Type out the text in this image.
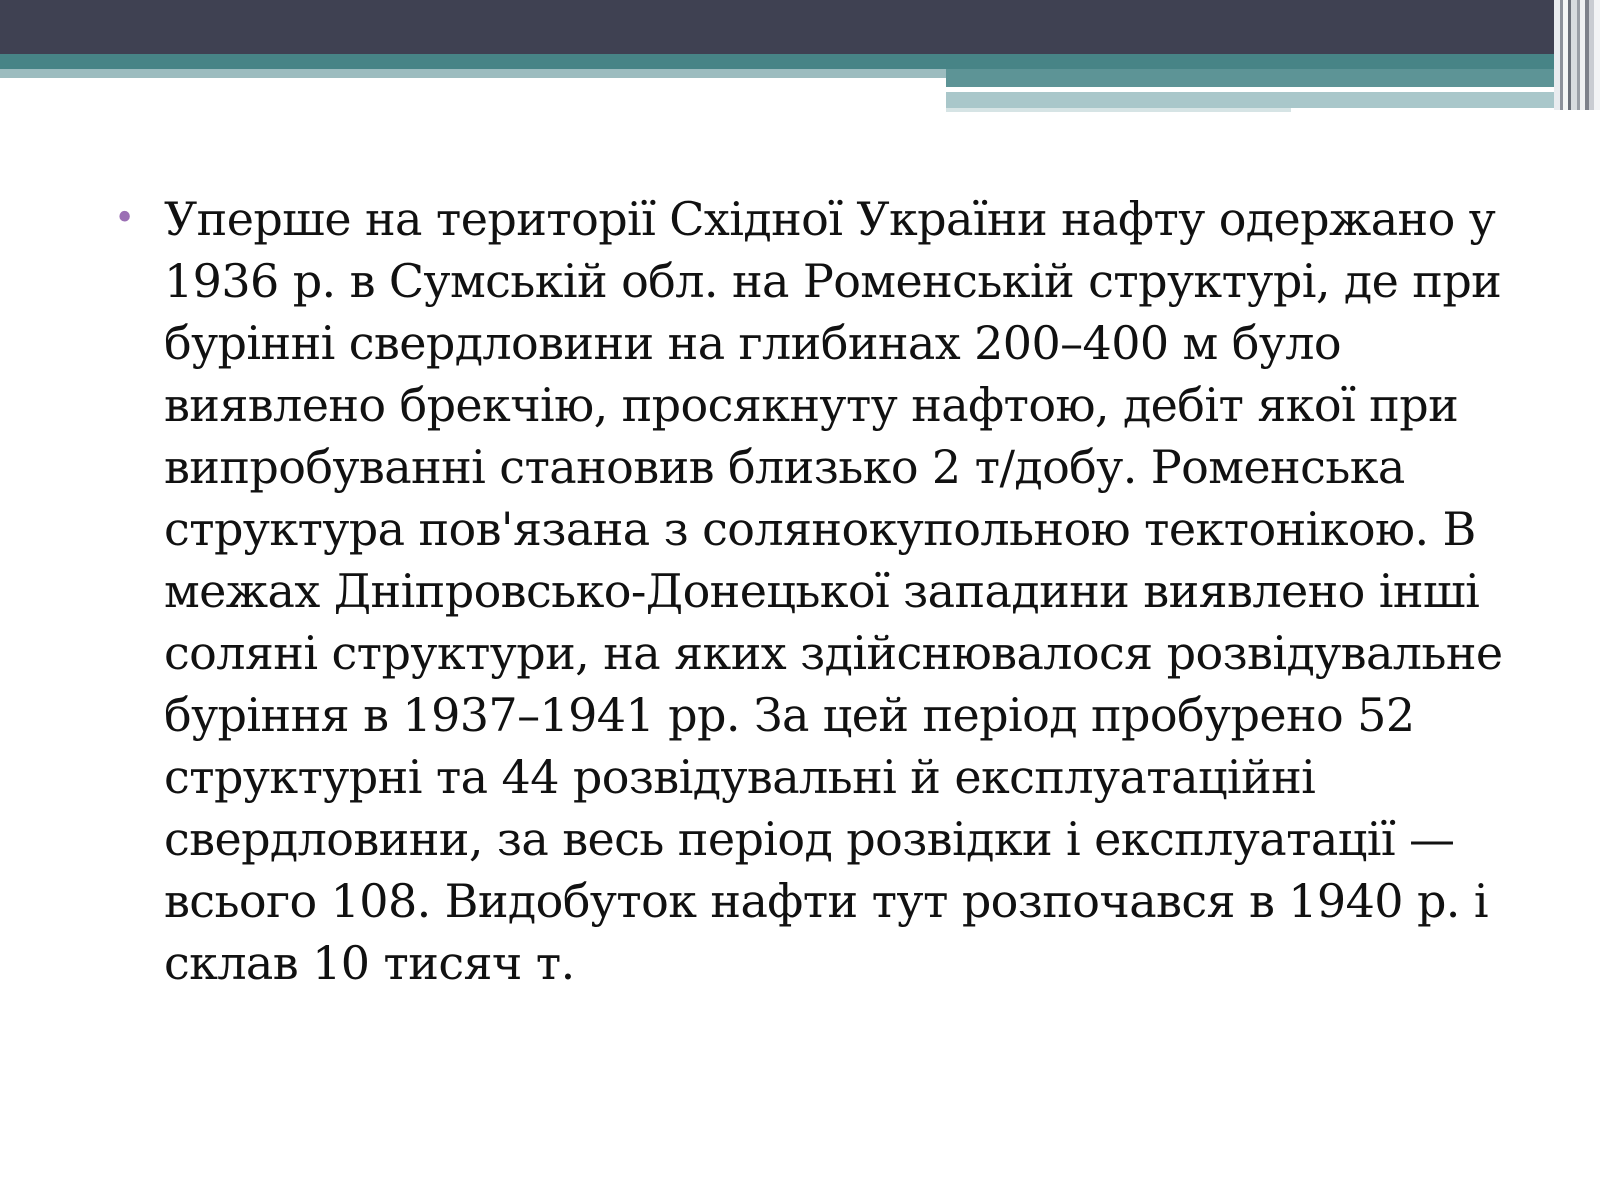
• Уперше на території Східної України нафту одержано у 1936 р. в Сумській обл. на Роменській структурі, де при бурінні свердловини на глибинах 200–400 м було виявлено брекчію, просякнуту нафтою, дебіт якої при випробуванні становив близько 2 т/добу. Роменська структура пов'язана з солянокупольною тектонікою. В межах Дніпровсько-Донецької западини виявлено інші соляні структури, на яких здійснювалося розвідувальне буріння в 1937–1941 рр. За цей період пробурено 52 структурні та 44 розвідувальні й експлуатаційні свердловини, за весь період розвідки і експлуатації — всього 108. Видобуток нафти тут розпочався в 1940 р. і склав 10 тисяч т.
